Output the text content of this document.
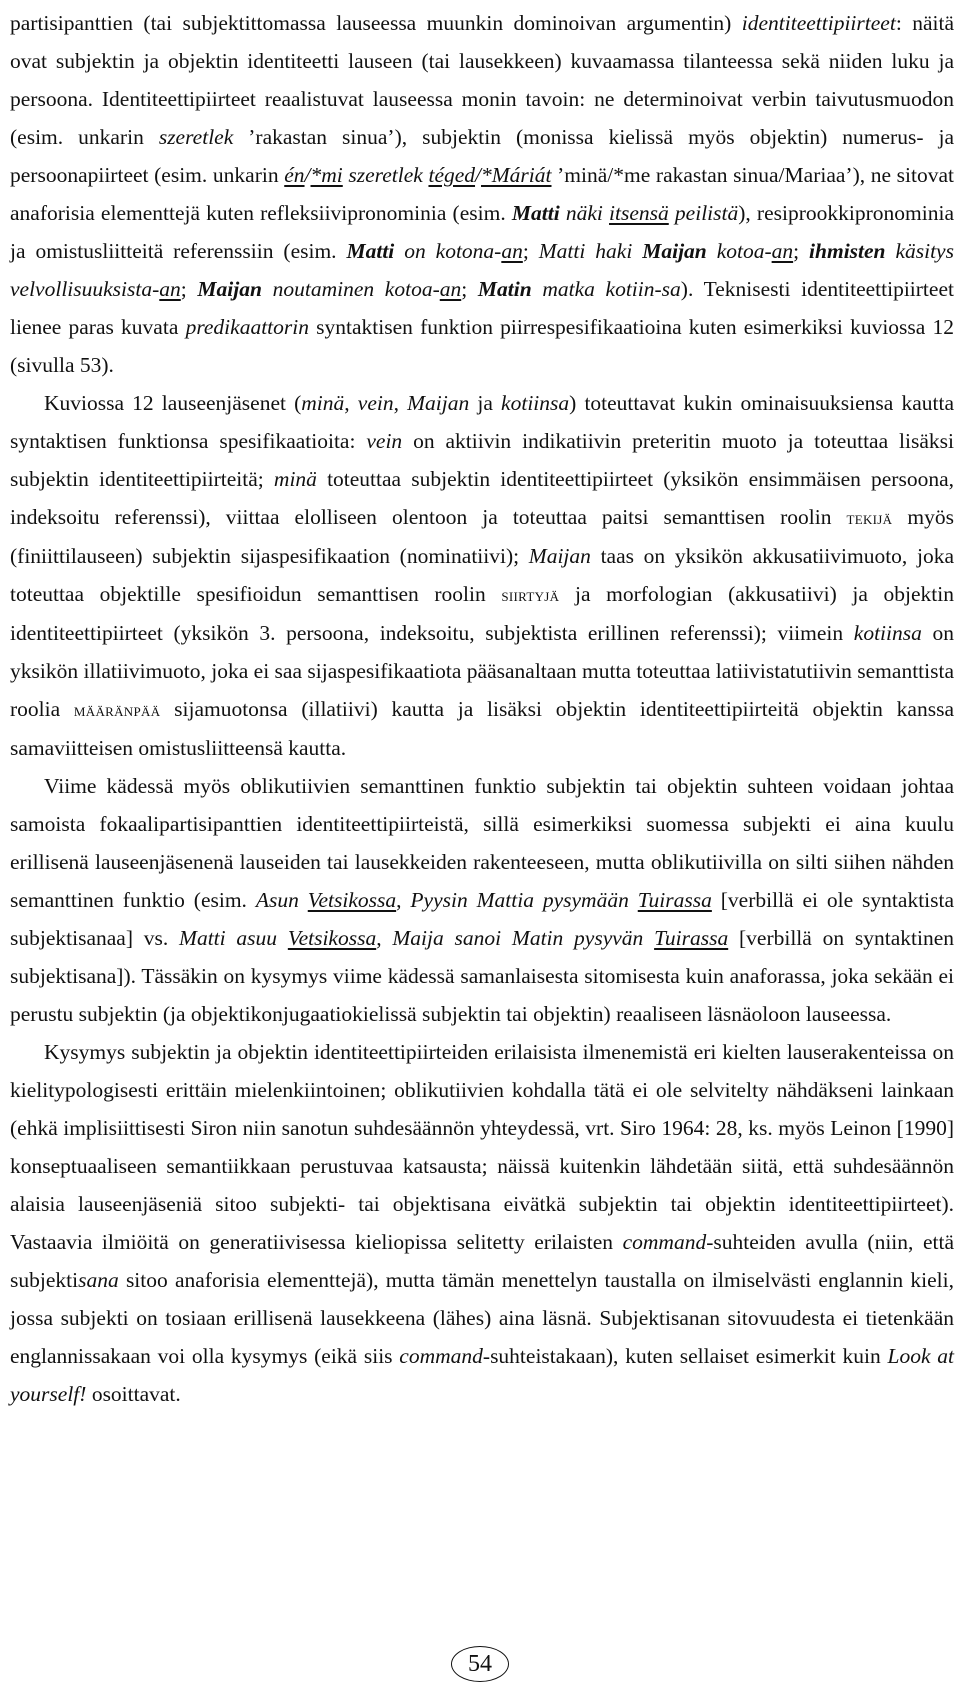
partisipanttien (tai subjektittomassa lauseessa muunkin dominoivan argumentin) identiteettipiirteet: näitä ovat subjektin ja objektin identiteetti lauseen (tai lausekkeen) kuvaamassa tilanteessa sekä niiden luku ja persoona. Identiteettipiirteet reaalistuvat lauseessa monin tavoin: ne determinoivat verbin taivutusmuodon (esim. unkarin szeretlek ’rakastan sinua’), subjektin (monissa kielissä myös objektin) numerus- ja persoonapiirteet (esim. unkarin én/*mi szeretlek téged/*Máriát ’minä/*me rakastan sinua/Mariaa’), ne sitovat anaforisia elementtejä kuten refleksiivipronominia (esim. Matti näki itsensä peilistä), resiprookkipronominia ja omistusliitteitä referenssiin (esim. Matti on kotona-an; Matti haki Maijan kotoa-an; ihmisten käsitys velvollisuuksista-an; Maijan noutaminen kotoa-an; Matin matka kotiin-sa). Teknisesti identiteettipiirteet lienee paras kuvata predikaattorin syntaktisen funktion piirrespesifikaatioina kuten esimerkiksi kuviossa 12 (sivulla 53).

Kuviossa 12 lauseenjäsenet (minä, vein, Maijan ja kotiinsa) toteuttavat kukin ominaisuuksiensa kautta syntaktisen funktionsa spesifikaatioita: vein on aktiivin indikatiivin preteritin muoto ja toteuttaa lisäksi subjektin identiteettipiirteitä; minä toteuttaa subjektin identiteettipiirteet (yksikön ensimmäisen persoona, indeksoitu referenssi), viittaa elolliseen olentoon ja toteuttaa paitsi semanttisen roolin tekijä myös (finiittilauseen) subjektin sijaspesifikaation (nominatiivi); Maijan taas on yksikön akkusatiivimuoto, joka toteuttaa objektille spesifioidun semanttisen roolin siirtyjä ja morfologian (akkusatiivi) ja objektin identiteettipiirteet (yksikön 3. persoona, indeksoitu, subjektista erillinen referenssi); viimein kotiinsa on yksikön illatiivimuoto, joka ei saa sijaspesifikaatiota pääsanaltaan mutta toteuttaa latiivistatutiivin semanttista roolia määränpää sijamuotonsa (illatiivi) kautta ja lisäksi objektin identiteettipiirteitä objektin kanssa samaviitteisen omistusliitteensä kautta.

Viime kädessä myös oblikutiivien semanttinen funktio subjektin tai objektin suhteen voidaan johtaa samoista fokaalipartisipanttien identiteettipiirteistä, sillä esimerkiksi suomessa subjekti ei aina kuulu erillisenä lauseenjäsenenä lauseiden tai lausekkeiden rakenteeseen, mutta oblikutiivilla on silti siihen nähden semanttinen funktio (esim. Asun Vetsikossa, Pyysin Mattia pysymään Tuirassa [verbillä ei ole syntaktista subjektisanaa] vs. Matti asuu Vetsikossa, Maija sanoi Matin pysyvän Tuirassa [verbillä on syntaktinen subjektisana]). Tässäkin on kysymys viime kädessä samanlaisesta sitomisesta kuin anaforassa, joka sekään ei perustu subjektin (ja objektikonjugaatiokielissä subjektin tai objektin) reaaliseen läsnäoloon lauseessa.

Kysymys subjektin ja objektin identiteettipiirteiden erilaisista ilmenemistä eri kielten lauserakenteissa on kielitypologisesti erittäin mielenkiintoinen; oblikutiivien kohdalla tätä ei ole selvitelty nähdäkseni lainkaan (ehkä implisiittisesti Siron niin sanotun suhdesäännön yhteydessä, vrt. Siro 1964: 28, ks. myös Leinon [1990] konseptuaaliseen semantiikkaan perustuvaa katsausta; näissä kuitenkin lähdetään siitä, että suhdesäännön alaisia lauseenjäseniä sitoo subjekti- tai objektisana eivätkä subjektin tai objektin identiteettipiirteet). Vastaavia ilmiöitä on generatiivisessa kieliopissa selitetty erilaisten command-suhteiden avulla (niin, että subjektisana sitoo anaforisia elementtejä), mutta tämän menettelyn taustalla on ilmiselvästi englannin kieli, jossa subjekti on tosiaan erillisenä lausekkeena (lähes) aina läsnä. Subjektisanan sitovuudesta ei tietenkään englannissakaan voi olla kysymys (eikä siis command-suhteistakaan), kuten sellaiset esimerkit kuin Look at yourself! osoittavat.

54
